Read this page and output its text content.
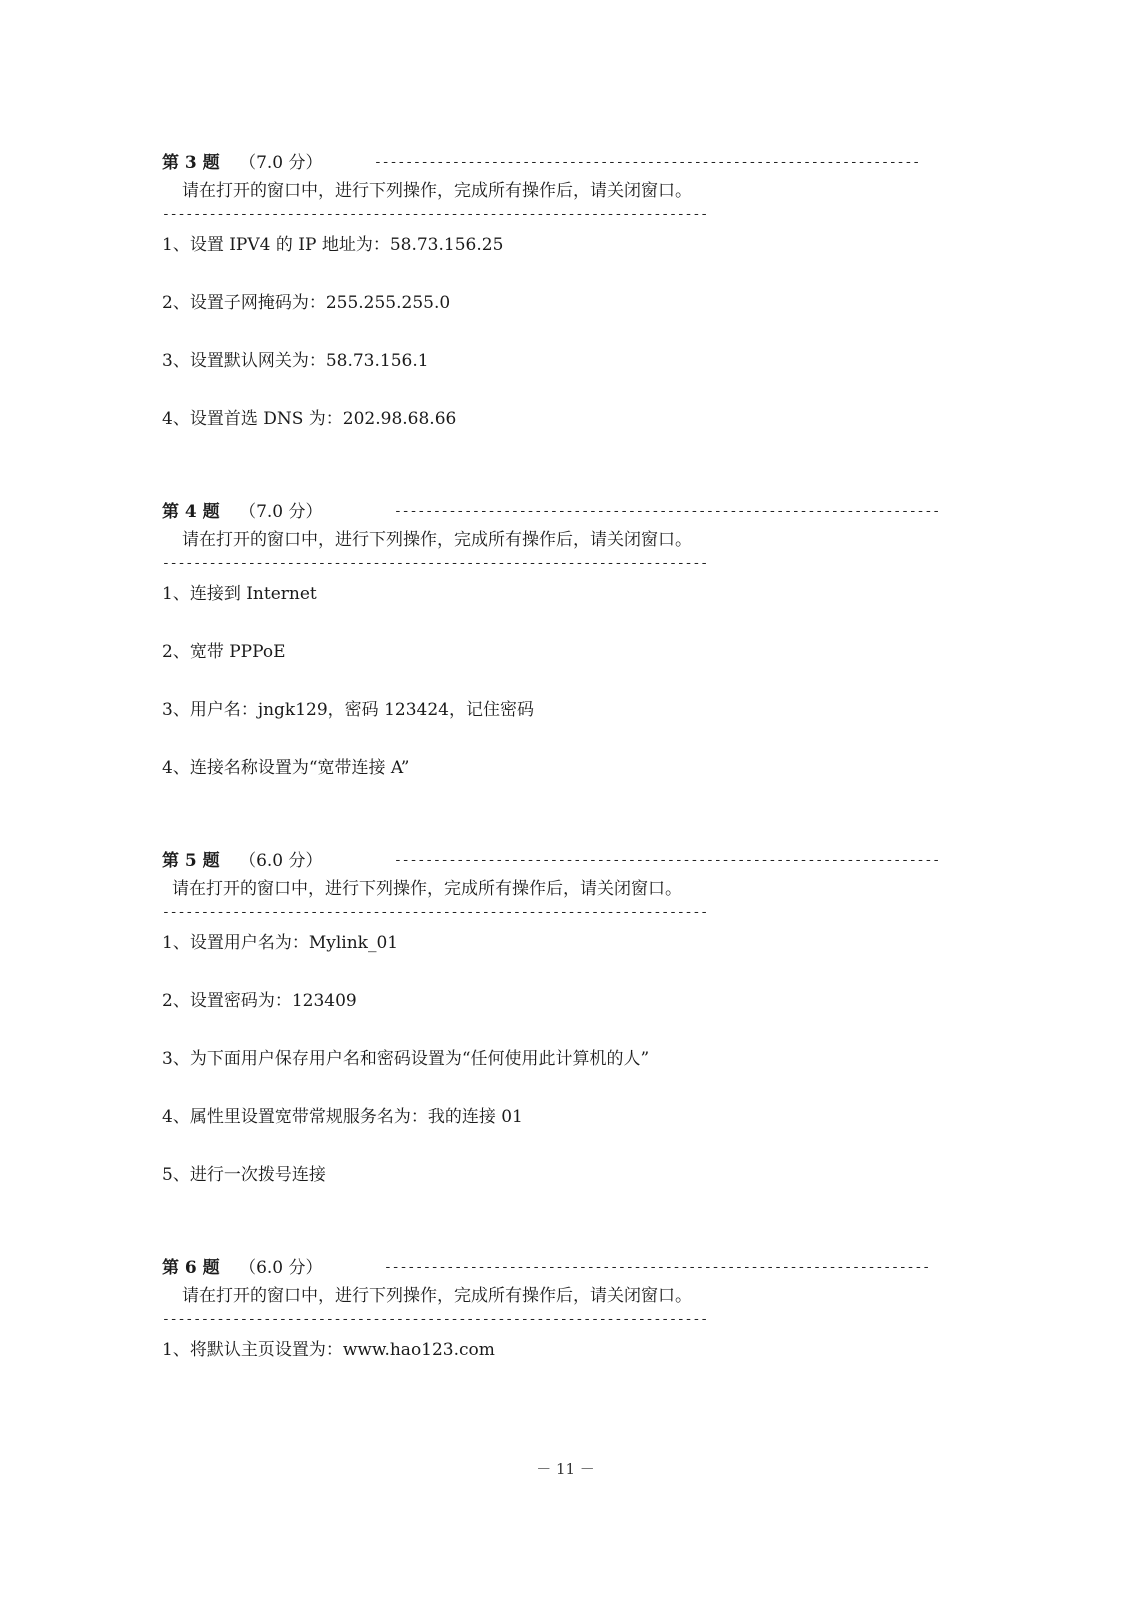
第 3 题 （7.0 分）	----------------------------------------------------------------------
请在打开的窗口中，进行下列操作，完成所有操作后，请关闭窗口。
----------------------------------------------------------------------
1、设置 IPV4 的 IP 地址为：58.73.156.25
2、设置子网掩码为：255.255.255.0
3、设置默认网关为：58.73.156.1
4、设置首选 DNS 为：202.98.68.66
第 4 题 （7.0 分）	----------------------------------------------------------------------
请在打开的窗口中，进行下列操作，完成所有操作后，请关闭窗口。
----------------------------------------------------------------------
1、连接到 Internet
2、宽带 PPPoE
3、用户名：jngk129，密码 123424，记住密码
4、连接名称设置为“宽带连接 A”
第 5 题 （6.0 分）	----------------------------------------------------------------------
请在打开的窗口中，进行下列操作，完成所有操作后，请关闭窗口。
----------------------------------------------------------------------
1、设置用户名为：Mylink_01
2、设置密码为：123409
3、为下面用户保存用户名和密码设置为“任何使用此计算机的人”
4、属性里设置宽带常规服务名为：我的连接 01
5、进行一次拨号连接
第 6 题 （6.0 分）	----------------------------------------------------------------------
请在打开的窗口中，进行下列操作，完成所有操作后，请关闭窗口。
----------------------------------------------------------------------
1、将默认主页设置为：www.hao123.com
－ 11 －
